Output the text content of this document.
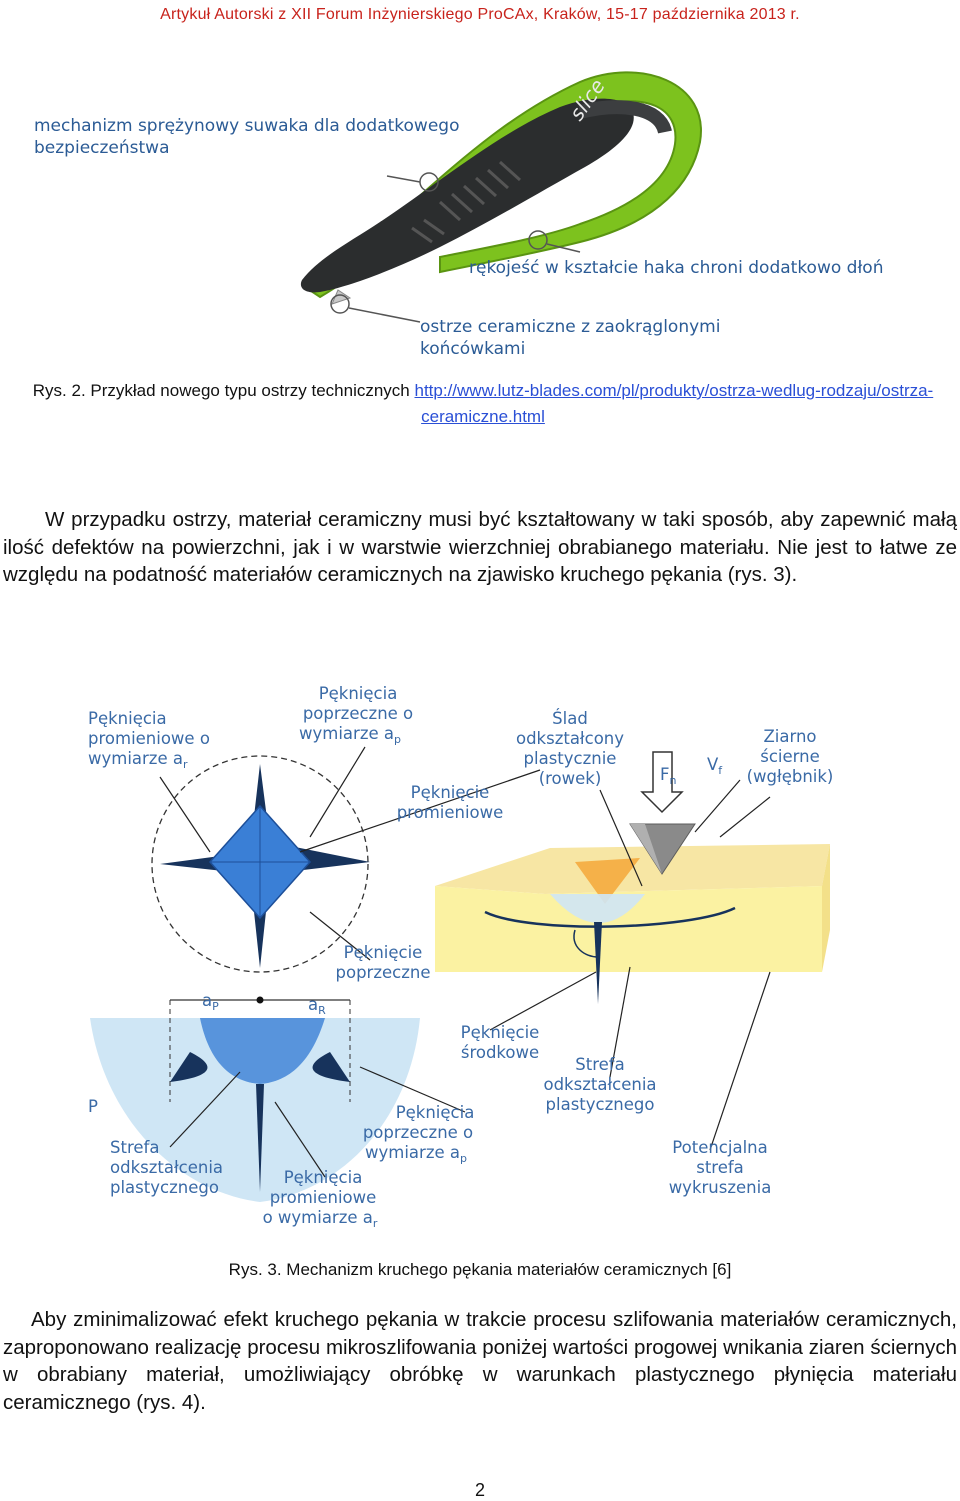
Artykuł Autorski z XII Forum Inżynierskiego ProCAx, Kraków, 15-17 października 2013 r.
slice
mechanizm sprężynowy suwaka dla dodatkowego
bezpieczeństwa
rękojeść w kształcie haka chroni dodatkowo dłoń
ostrze ceramiczne z zaokrąglonymi
końcówkami
Rys. 2. Przykład nowego typu ostrzy technicznych http://www.lutz-blades.com/pl/produkty/ostrza-wedlug-rodzaju/ostrza-ceramiczne.html
W przypadku ostrzy, materiał ceramiczny musi być kształtowany w taki sposób, aby zapewnić małą ilość defektów na powierzchni, jak i w warstwie wierzchniej obrabianego materiału. Nie jest to łatwe ze względu na podatność materiałów ceramicznych na zjawisko kruchego pękania (rys. 3).
Pęknięcia promieniowe o wymiarze $a_r$
Pęknięcia poprzeczne o wymiarze $a_p$
Ślad odkształcony plastycznie (rowek)	$F_n$
$V_f$
Ziarno ścierne (wgłębnik)
Pęknięcie promieniowe
Pęknięcie poprzeczne
$a_P$	$a_R$
Pęknięcie środkowe
Strefa odkształcenia plastycznego
P	Pęknięcia poprzeczne o wymiarze $a_p$
Strefa odkształcenia plastycznego
Pęknięcia promieniowe o wymiarze $a_r$
Potencjalna strefa wykruszenia
Rys. 3. Mechanizm kruchego pękania materiałów ceramicznych [6]
Aby zminimalizować efekt kruchego pękania w trakcie procesu szlifowania materiałów ceramicznych, zaproponowano realizację procesu mikroszlifowania poniżej wartości progowej wnikania ziaren ściernych w obrabiany materiał, umożliwiający obróbkę w warunkach plastycznego płynięcia materiału ceramicznego (rys. 4).
2
